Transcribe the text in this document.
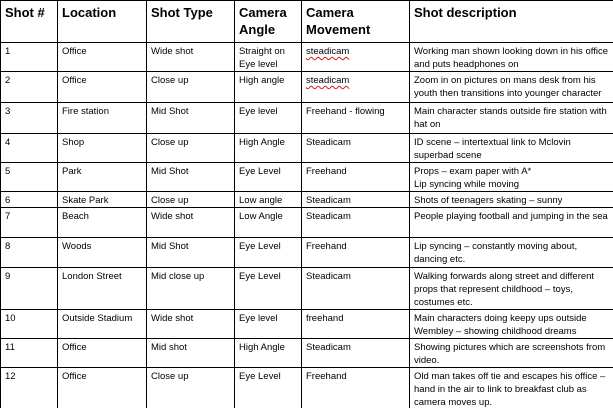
Shot #	Location	Shot Type	Camera Angle	Camera Movement	Shot description
1	Office	Wide shot	Straight on Eye level	steadicam	Working man shown looking down in his office and puts headphones on
2	Office	Close up	High angle	steadicam	Zoom in on pictures on mans desk from his youth then transitions into younger character
3	Fire station	Mid Shot	Eye level	Freehand - flowing	Main character stands outside fire station with hat on
4	Shop	Close up	High Angle	Steadicam	ID scene – intertextual link to Mclovin superbad scene
5	Park	Mid Shot	Eye Level	Freehand	Props – exam paper with A*
Lip syncing while moving
6	Skate Park	Close up	Low angle	Steadicam	Shots of teenagers skating – sunny
7	Beach	Wide shot	Low Angle	Steadicam	People playing football and jumping in the sea
8	Woods	Mid Shot	Eye Level	Freehand	Lip syncing – constantly moving about, dancing etc.
9	London Street	Mid close up	Eye Level	Steadicam	Walking forwards along street and different props that represent childhood – toys, costumes etc.
10	Outside Stadium	Wide shot	Eye level	freehand	Main characters doing keepy ups outside Wembley – showing childhood dreams
11	Office	Mid shot	High Angle	Steadicam	Showing pictures which are screenshots from video.
12	Office	Close up	Eye Level	Freehand	Old man takes off tie and escapes his office – hand in the air to link to breakfast club as camera moves up.
